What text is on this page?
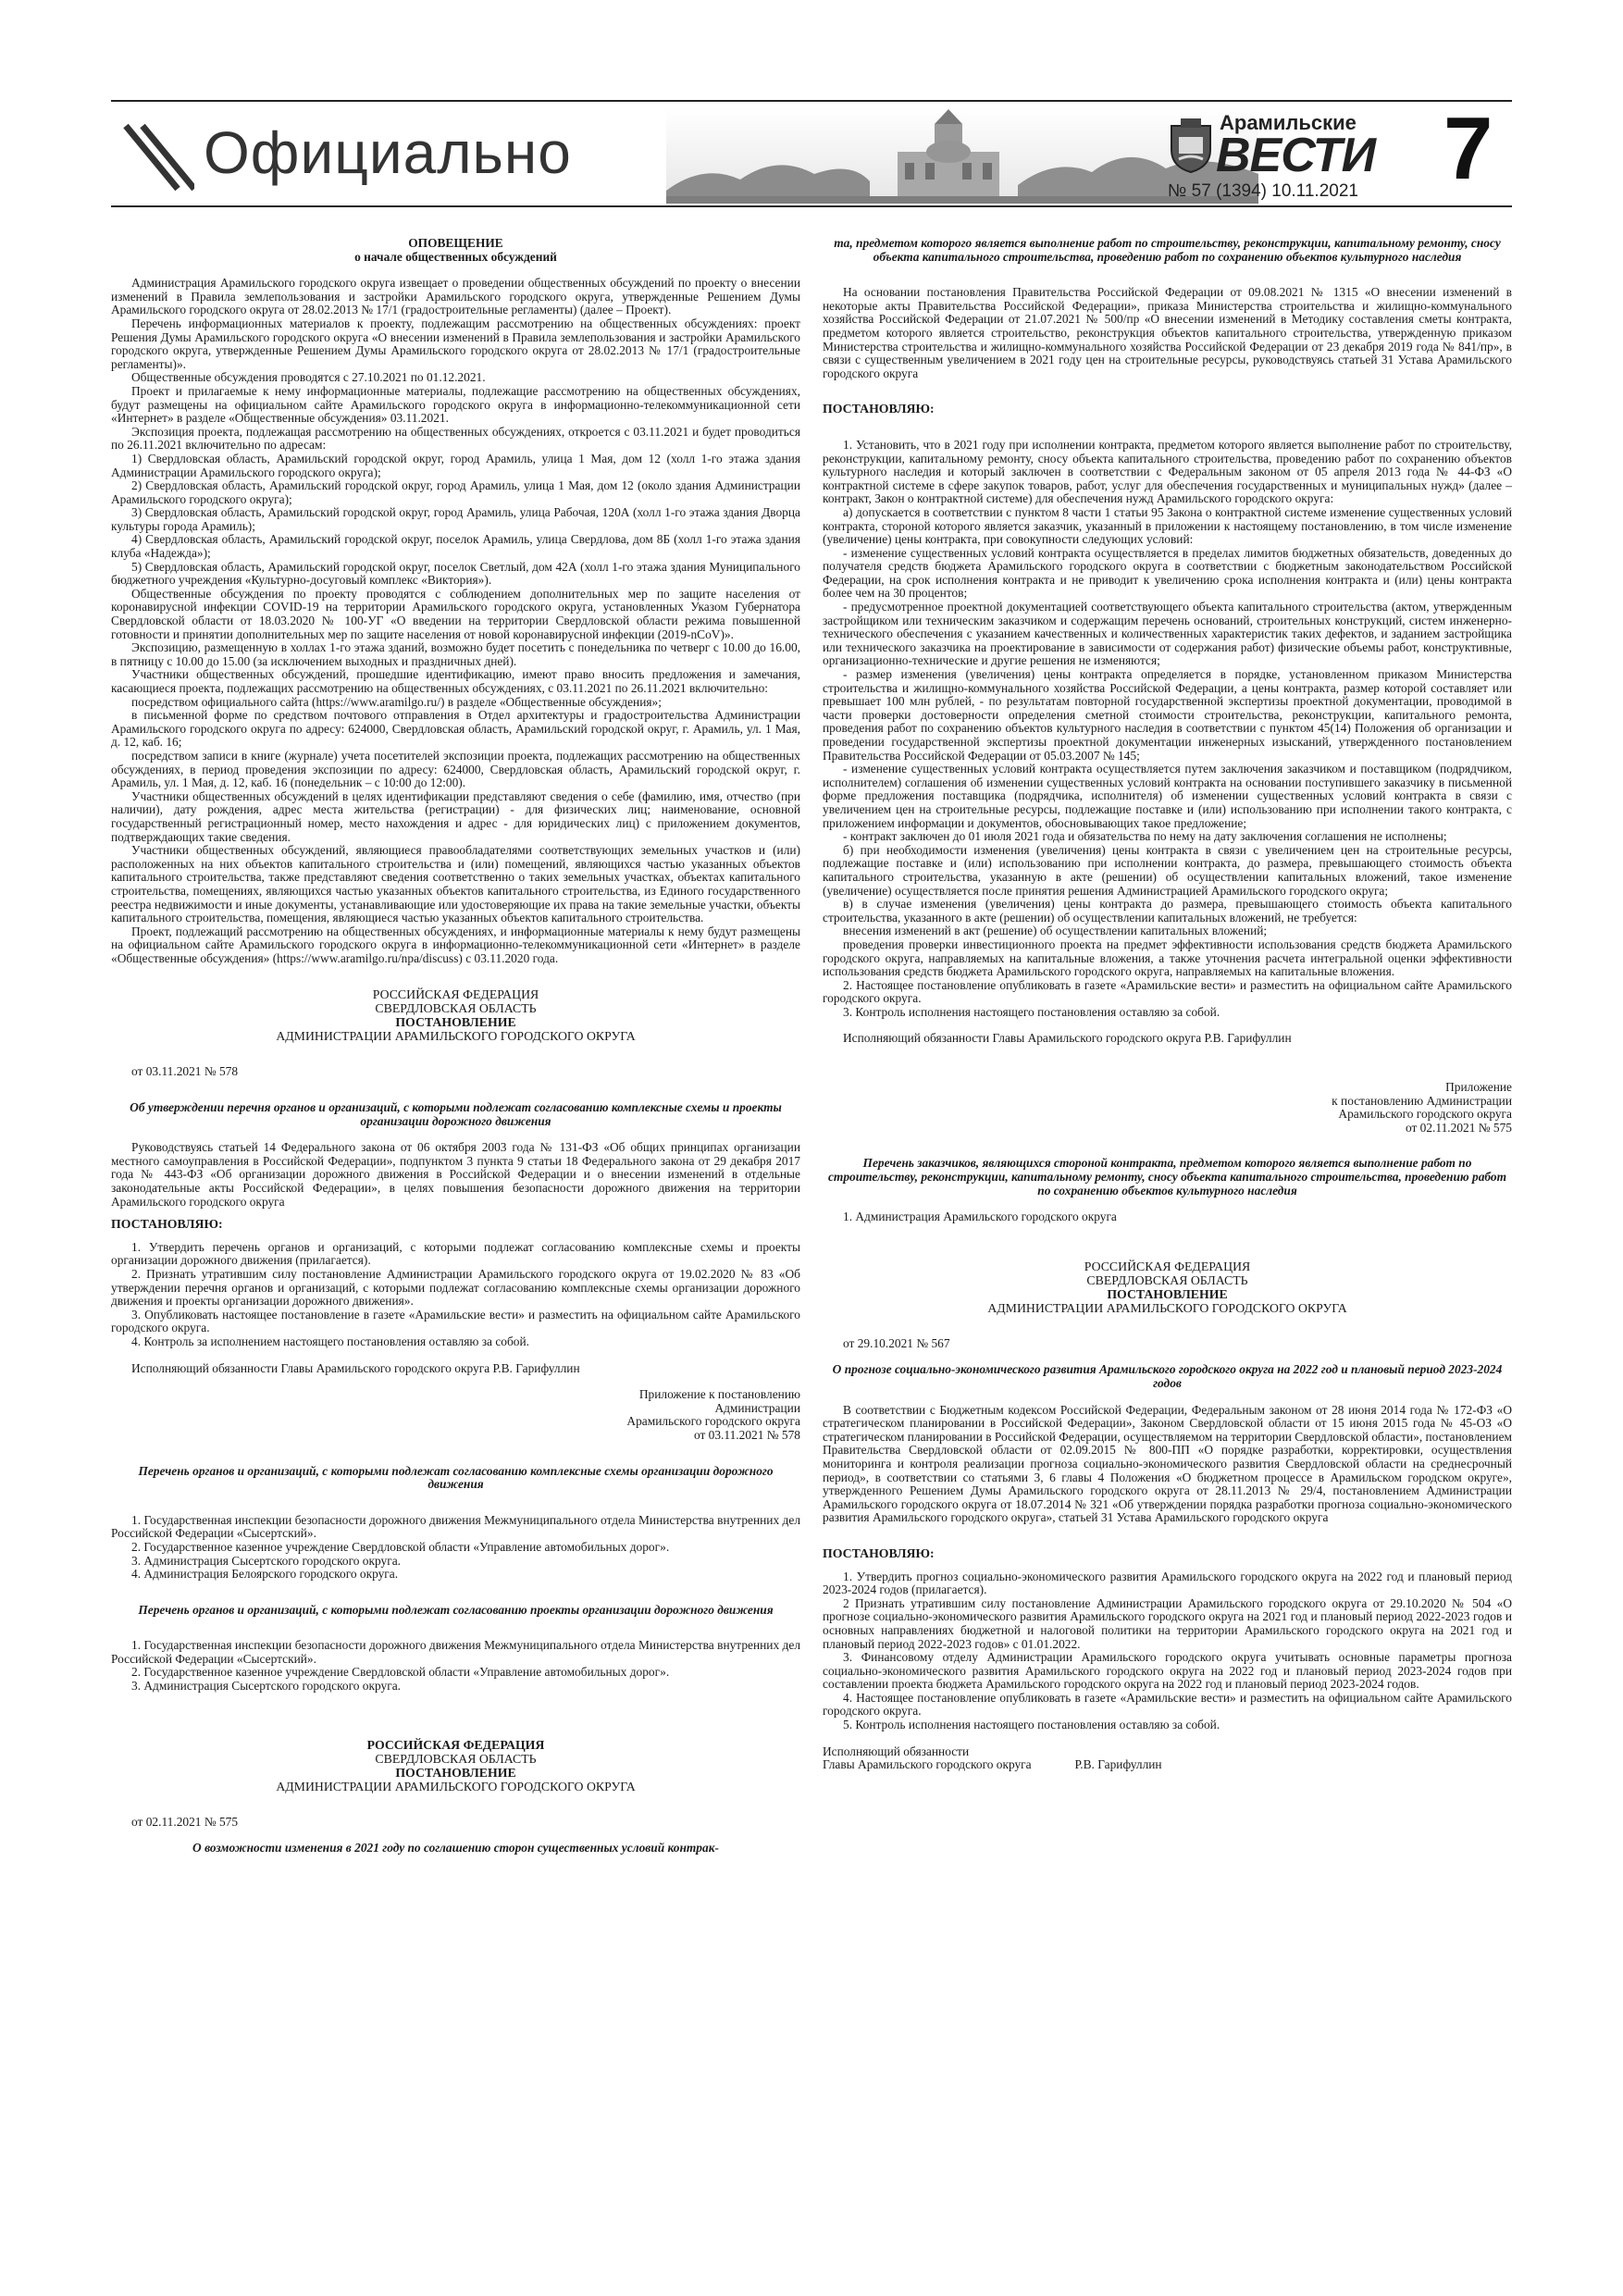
Официально	Арамильские
ВЕСТИ
№ 57 (1394) 10.11.2021 7

ОПОВЕЩЕНИЕ

о начале общественных обсуждений

Администрация Арамильского городского округа извещает о проведении общественных обсуждений по проекту о внесении изменений в Правила землепользования и застройки Арамильского городского округа, утвержденные Решением Думы Арамильского городского округа от 28.02.2013 № 17/1 (градостроительные регламенты) (далее – Проект).

Перечень информационных материалов к проекту, подлежащим рассмотрению на общественных обсуждениях: проект Решения Думы Арамильского городского округа «О внесении изменений в Правила землепользования и застройки Арамильского городского округа, утвержденные Решением Думы Арамильского городского округа от 28.02.2013 № 17/1 (градостроительные регламенты)».

Общественные обсуждения проводятся с 27.10.2021 по 01.12.2021.

Проект и прилагаемые к нему информационные материалы, подлежащие рассмотрению на общественных обсуждениях, будут размещены на официальном сайте Арамильского городского округа в информационно-телекоммуникационной сети «Интернет» в разделе «Общественные обсуждения» 03.11.2021.

Экспозиция проекта, подлежащая рассмотрению на общественных обсуждениях, откроется с 03.11.2021 и будет проводиться по 26.11.2021 включительно по адресам:

1) Свердловская область, Арамильский городской округ, город Арамиль, улица 1 Мая, дом 12 (холл 1-го этажа здания Администрации Арамильского городского округа);

2) Свердловская область, Арамильский городской округ, город Арамиль, улица 1 Мая, дом 12 (около здания Администрации Арамильского городского округа);

3) Свердловская область, Арамильский городской округ, город Арамиль, улица Рабочая, 120А (холл 1-го этажа здания Дворца культуры города Арамиль);

4) Свердловская область, Арамильский городской округ, поселок Арамиль, улица Свердлова, дом 8Б (холл 1-го этажа здания клуба «Надежда»);

5) Свердловская область, Арамильский городской округ, поселок Светлый, дом 42А (холл 1-го этажа здания Муниципального бюджетного учреждения «Культурно-досуговый комплекс «Виктория»).

Общественные обсуждения по проекту проводятся с соблюдением дополнительных мер по защите населения от коронавирусной инфекции COVID-19 на территории Арамильского городского округа, установленных Указом Губернатора Свердловской области от 18.03.2020 № 100-УГ «О введении на территории Свердловской области режима повышенной готовности и принятии дополнительных мер по защите населения от новой коронавирусной инфекции (2019-nCoV)».

Экспозицию, размещенную в холлах 1-го этажа зданий, возможно будет посетить с понедельника по четверг с 10.00 до 16.00, в пятницу с 10.00 до 15.00 (за исключением выходных и праздничных дней).

Участники общественных обсуждений, прошедшие идентификацию, имеют право вносить предложения и замечания, касающиеся проекта, подлежащих рассмотрению на общественных обсуждениях, с 03.11.2021 по 26.11.2021 включительно:

посредством официального сайта (https://www.aramilgo.ru/) в разделе «Общественные обсуждения»;

в письменной форме по средством почтового отправления в Отдел архитектуры и градостроительства Администрации Арамильского городского округа по адресу: 624000, Свердловская область, Арамильский городской округ, г. Арамиль, ул. 1 Мая, д. 12, каб. 16;

посредством записи в книге (журнале) учета посетителей экспозиции проекта, подлежащих рассмотрению на общественных обсуждениях, в период проведения экспозиции по адресу: 624000, Свердловская область, Арамильский городской округ, г. Арамиль, ул. 1 Мая, д. 12, каб. 16 (понедельник – с 10:00 до 12:00).

Участники общественных обсуждений в целях идентификации представляют сведения о себе (фамилию, имя, отчество (при наличии), дату рождения, адрес места жительства (регистрации) - для физических лиц; наименование, основной государственный регистрационный номер, место нахождения и адрес - для юридических лиц) с приложением документов, подтверждающих такие сведения.

Участники общественных обсуждений, являющиеся правообладателями соответствующих земельных участков и (или) расположенных на них объектов капитального строительства и (или) помещений, являющихся частью указанных объектов капитального строительства, также представляют сведения соответственно о таких земельных участках, объектах капитального строительства, помещениях, являющихся частью указанных объектов капитального строительства, из Единого государственного реестра недвижимости и иные документы, устанавливающие или удостоверяющие их права на такие земельные участки, объекты капитального строительства, помещения, являющиеся частью указанных объектов капитального строительства.

Проект, подлежащий рассмотрению на общественных обсуждениях, и информационные материалы к нему будут размещены на официальном сайте Арамильского городского округа в информационно-телекоммуникационной сети «Интернет» в разделе «Общественные обсуждения» (https://www.aramilgo.ru/npa/discuss) с 03.11.2020 года.

РОССИЙСКАЯ ФЕДЕРАЦИЯ
СВЕРДЛОВСКАЯ ОБЛАСТЬ
ПОСТАНОВЛЕНИЕ
АДМИНИСТРАЦИИ АРАМИЛЬСКОГО ГОРОДСКОГО ОКРУГА

от 03.11.2021 № 578

Об утверждении перечня органов и организаций, с которыми подлежат согласованию комплексные схемы и проекты организации дорожного движения

Руководствуясь статьей 14 Федерального закона от 06 октября 2003 года № 131-ФЗ «Об общих принципах организации местного самоуправления в Российской Федерации», подпунктом 3 пункта 9 статьи 18 Федерального закона от 29 декабря 2017 года № 443-ФЗ «Об организации дорожного движения в Российской Федерации и о внесении изменений в отдельные законодательные акты Российской Федерации», в целях повышения безопасности дорожного движения на территории Арамильского городского округа

ПОСТАНОВЛЯЮ:

1. Утвердить перечень органов и организаций, с которыми подлежат согласованию комплексные схемы и проекты организации дорожного движения (прилагается).

2. Признать утратившим силу постановление Администрации Арамильского городского округа от 19.02.2020 № 83 «Об утверждении перечня органов и организаций, с которыми подлежат согласованию комплексные схемы организации дорожного движения и проекты организации дорожного движения».

3. Опубликовать настоящее постановление в газете «Арамильские вести» и разместить на официальном сайте Арамильского городского округа.

4. Контроль за исполнением настоящего постановления оставляю за собой.

Исполняющий обязанности Главы Арамильского городского округа Р.В. Гарифуллин

Приложение к постановлению

Администрации

Арамильского городского округа

от 03.11.2021 № 578

Перечень органов и организаций, с которыми подлежат согласованию комплексные схемы организации дорожного движения

1. Государственная инспекции безопасности дорожного движения Межмуниципального отдела Министерства внутренних дел Российской Федерации «Сысертский».

2. Государственное казенное учреждение Свердловской области «Управление автомобильных дорог».

3. Администрация Сысертского городского округа.

4. Администрация Белоярского городского округа.

Перечень органов и организаций, с которыми подлежат согласованию проекты организации дорожного движения

1. Государственная инспекции безопасности дорожного движения Межмуниципального отдела Министерства внутренних дел Российской Федерации «Сысертский».

2. Государственное казенное учреждение Свердловской области «Управление автомобильных дорог».

3. Администрация Сысертского городского округа.

РОССИЙСКАЯ ФЕДЕРАЦИЯ
СВЕРДЛОВСКАЯ ОБЛАСТЬ
ПОСТАНОВЛЕНИЕ
АДМИНИСТРАЦИИ АРАМИЛЬСКОГО ГОРОДСКОГО ОКРУГА

от 02.11.2021 № 575

О возможности изменения в 2021 году по соглашению сторон существенных условий контрак-

та, предметом которого является выполнение работ по строительству, реконструкции, капитальному ремонту, сносу объекта капитального строительства, проведению работ по сохранению объектов культурного наследия

На основании постановления Правительства Российской Федерации от 09.08.2021 № 1315 «О внесении изменений в некоторые акты Правительства Российской Федерации», приказа Министерства строительства и жилищно-коммунального хозяйства Российской Федерации от 21.07.2021 № 500/пр «О внесении изменений в Методику составления сметы контракта, предметом которого является строительство, реконструкция объектов капитального строительства, утвержденную приказом Министерства строительства и жилищно-коммунального хозяйства Российской Федерации от 23 декабря 2019 года № 841/пр», в связи с существенным увеличением в 2021 году цен на строительные ресурсы, руководствуясь статьей 31 Устава Арамильского городского округа

ПОСТАНОВЛЯЮ:

1. Установить, что в 2021 году при исполнении контракта, предметом которого является выполнение работ по строительству, реконструкции, капитальному ремонту, сносу объекта капитального строительства, проведению работ по сохранению объектов культурного наследия и который заключен в соответствии с Федеральным законом от 05 апреля 2013 года № 44-ФЗ «О контрактной системе в сфере закупок товаров, работ, услуг для обеспечения государственных и муниципальных нужд» (далее – контракт, Закон о контрактной системе) для обеспечения нужд Арамильского городского округа:

а) допускается в соответствии с пунктом 8 части 1 статьи 95 Закона о контрактной системе изменение существенных условий контракта, стороной которого является заказчик, указанный в приложении к настоящему постановлению, в том числе изменение (увеличение) цены контракта, при совокупности следующих условий:

- изменение существенных условий контракта осуществляется в пределах лимитов бюджетных обязательств, доведенных до получателя средств бюджета Арамильского городского округа в соответствии с бюджетным законодательством Российской Федерации, на срок исполнения контракта и не приводит к увеличению срока исполнения контракта и (или) цены контракта более чем на 30 процентов;

- предусмотренное проектной документацией соответствующего объекта капитального строительства (актом, утвержденным застройщиком или техническим заказчиком и содержащим перечень оснований, строительных конструкций, систем инженерно-технического обеспечения с указанием качественных и количественных характеристик таких дефектов, и заданием застройщика или технического заказчика на проектирование в зависимости от содержания работ) физические объемы работ, конструктивные, организационно-технические и другие решения не изменяются;

- размер изменения (увеличения) цены контракта определяется в порядке, установленном приказом Министерства строительства и жилищно-коммунального хозяйства Российской Федерации, а цены контракта, размер которой составляет или превышает 100 млн рублей, - по результатам повторной государственной экспертизы проектной документации, проводимой в части проверки достоверности определения сметной стоимости строительства, реконструкции, капитального ремонта, проведения работ по сохранению объектов культурного наследия в соответствии с пунктом 45(14) Положения об организации и проведении государственной экспертизы проектной документации инженерных изысканий, утвержденного постановлением Правительства Российской Федерации от 05.03.2007 № 145;

- изменение существенных условий контракта осуществляется путем заключения заказчиком и поставщиком (подрядчиком, исполнителем) соглашения об изменении существенных условий контракта на основании поступившего заказчику в письменной форме предложения поставщика (подрядчика, исполнителя) об изменении существенных условий контракта в связи с увеличением цен на строительные ресурсы, подлежащие поставке и (или) использованию при исполнении такого контракта, с приложением информации и документов, обосновывающих такое предложение;

- контракт заключен до 01 июля 2021 года и обязательства по нему на дату заключения соглашения не исполнены;

б) при необходимости изменения (увеличения) цены контракта в связи с увеличением цен на строительные ресурсы, подлежащие поставке и (или) использованию при исполнении контракта, до размера, превышающего стоимость объекта капитального строительства, указанную в акте (решении) об осуществлении капитальных вложений, такое изменение (увеличение) осуществляется после принятия решения Администрацией Арамильского городского округа;

в) в случае изменения (увеличения) цены контракта до размера, превышающего стоимость объекта капитального строительства, указанного в акте (решении) об осуществлении капитальных вложений, не требуется:

внесения изменений в акт (решение) об осуществлении капитальных вложений;

проведения проверки инвестиционного проекта на предмет эффективности использования средств бюджета Арамильского городского округа, направляемых на капитальные вложения, а также уточнения расчета интегральной оценки эффективности использования средств бюджета Арамильского городского округа, направляемых на капитальные вложения.

2. Настоящее постановление опубликовать в газете «Арамильские вести» и разместить на официальном сайте Арамильского городского округа.

3. Контроль исполнения настоящего постановления оставляю за собой.

Исполняющий обязанности Главы Арамильского городского округа Р.В. Гарифуллин

Приложение

к постановлению Администрации

Арамильского городского округа

от 02.11.2021 № 575

Перечень заказчиков, являющихся стороной контракта, предметом которого является выполнение работ по строительству, реконструкции, капитальному ремонту, сносу объекта капитального строительства, проведению работ по сохранению объектов культурного наследия

1. Администрация Арамильского городского округа

РОССИЙСКАЯ ФЕДЕРАЦИЯ
СВЕРДЛОВСКАЯ ОБЛАСТЬ
ПОСТАНОВЛЕНИЕ
АДМИНИСТРАЦИИ АРАМИЛЬСКОГО ГОРОДСКОГО ОКРУГА

от 29.10.2021 № 567

О прогнозе социально-экономического развития Арамильского городского округа на 2022 год и плановый период 2023-2024 годов

В соответствии с Бюджетным кодексом Российской Федерации, Федеральным законом от 28 июня 2014 года № 172-ФЗ «О стратегическом планировании в Российской Федерации», Законом Свердловской области от 15 июня 2015 года № 45-ОЗ «О стратегическом планировании в Российской Федерации, осуществляемом на территории Свердловской области», постановлением Правительства Свердловской области от 02.09.2015 № 800-ПП «О порядке разработки, корректировки, осуществления мониторинга и контроля реализации прогноза социально-экономического развития Свердловской области на среднесрочный период», в соответствии со статьями 3, 6 главы 4 Положения «О бюджетном процессе в Арамильском городском округе», утвержденного Решением Думы Арамильского городского округа от 28.11.2013 № 29/4, постановлением Администрации Арамильского городского округа от 18.07.2014 № 321 «Об утверждении порядка разработки прогноза социально-экономического развития Арамильского городского округа», статьей 31 Устава Арамильского городского округа

ПОСТАНОВЛЯЮ:

1. Утвердить прогноз социально-экономического развития Арамильского городского округа на 2022 год и плановый период 2023-2024 годов (прилагается).

2 Признать утратившим силу постановление Администрации Арамильского городского округа от 29.10.2020 № 504 «О прогнозе социально-экономического развития Арамильского городского округа на 2021 год и плановый период 2022-2023 годов и основных направлениях бюджетной и налоговой политики на территории Арамильского городского округа на 2021 год и плановый период 2022-2023 годов» с 01.01.2022.

3. Финансовому отделу Администрации Арамильского городского округа учитывать основные параметры прогноза социально-экономического развития Арамильского городского округа на 2022 год и плановый период 2023-2024 годов при составлении проекта бюджета Арамильского городского округа на 2022 год и плановый период 2023-2024 годов.

4. Настоящее постановление опубликовать в газете «Арамильские вести» и разместить на официальном сайте Арамильского городского округа.

5. Контроль исполнения настоящего постановления оставляю за собой.

Исполняющий обязанности

Главы Арамильского городского округа              Р.В. Гарифуллин
